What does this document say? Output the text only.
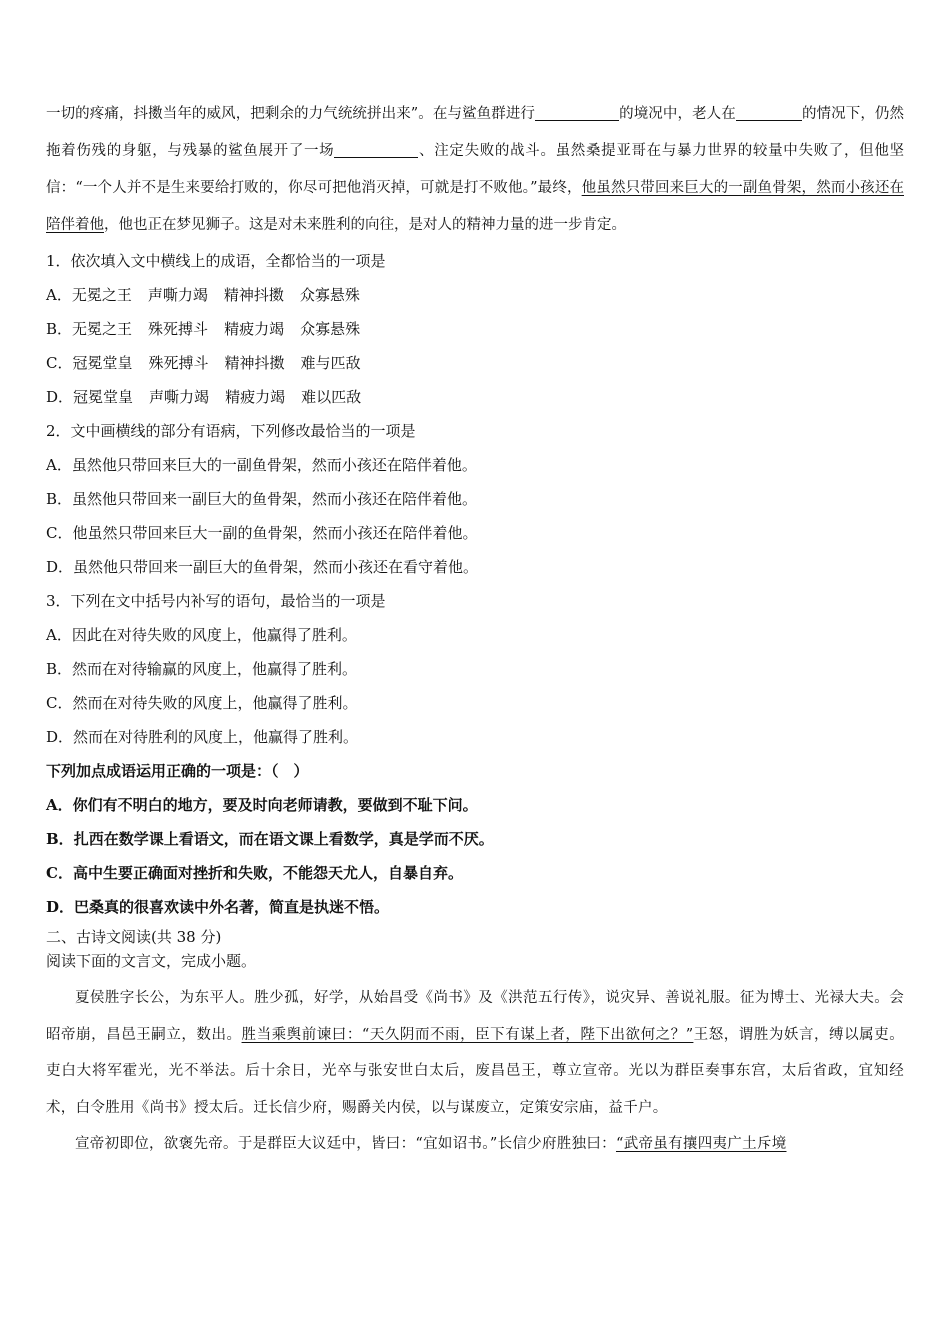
一切的疼痛，抖擞当年的威风，把剩余的力气统统拼出来”。在与鲨鱼群进行	的境况中，老人在	的情况下，仍然拖着伤残的身躯，与残暴的鲨鱼展开了一场	、注定失败的战斗。虽然桑提亚哥在与暴力世界的较量中失败了，但他坚信：“一个人并不是生来要给打败的，你尽可把他消灭掉，可就是打不败他。”最终，他虽然只带回来巨大的一副鱼骨架，然而小孩还在陪伴着他，他也正在梦见狮子。这是对未来胜利的向往，是对人的精神力量的进一步肯定。

1．依次填入文中横线上的成语，全都恰当的一项是

A．无冕之王 声嘶力竭 精神抖擞 众寡悬殊

B．无冕之王 殊死搏斗 精疲力竭 众寡悬殊

C．冠冕堂皇 殊死搏斗 精神抖擞 难与匹敌

D．冠冕堂皇 声嘶力竭 精疲力竭 难以匹敌

2．文中画横线的部分有语病，下列修改最恰当的一项是

A．虽然他只带回来巨大的一副鱼骨架，然而小孩还在陪伴着他。

B．虽然他只带回来一副巨大的鱼骨架，然而小孩还在陪伴着他。

C．他虽然只带回来巨大一副的鱼骨架，然而小孩还在陪伴着他。

D．虽然他只带回来一副巨大的鱼骨架，然而小孩还在看守着他。

3．下列在文中括号内补写的语句，最恰当的一项是

A．因此在对待失败的风度上，他赢得了胜利。

B．然而在对待输赢的风度上，他赢得了胜利。

C．然而在对待失败的风度上，他赢得了胜利。

D．然而在对待胜利的风度上，他赢得了胜利。

下列加点成语运用正确的一项是：（　）

A．你们有不明白的地方，要及时向老师请教，要做到不耻下问。

B．扎西在数学课上看语文，而在语文课上看数学，真是学而不厌。

C．高中生要正确面对挫折和失败，不能怨天尤人，自暴自弃。

D．巴桑真的很喜欢读中外名著，简直是执迷不悟。

二、古诗文阅读(共 38 分)

阅读下面的文言文，完成小题。

夏侯胜字长公，为东平人。胜少孤，好学，从始昌受《尚书》及《洪范五行传》，说灾异、善说礼服。征为博士、光禄大夫。会昭帝崩，昌邑王嗣立，数出。胜当乘舆前谏曰：“天久阴而不雨，臣下有谋上者，陛下出欲何之？”王怒，谓胜为妖言，缚以属吏。吏白大将军霍光，光不举法。后十余日，光卒与张安世白太后，废昌邑王，尊立宣帝。光以为群臣奏事东宫，太后省政，宜知经术，白令胜用《尚书》授太后。迁长信少府，赐爵关内侯，以与谋废立，定策安宗庙，益千户。

宣帝初即位，欲褒先帝。于是群臣大议廷中，皆曰：“宜如诏书。”长信少府胜独曰：“武帝虽有攘四夷广土斥境
